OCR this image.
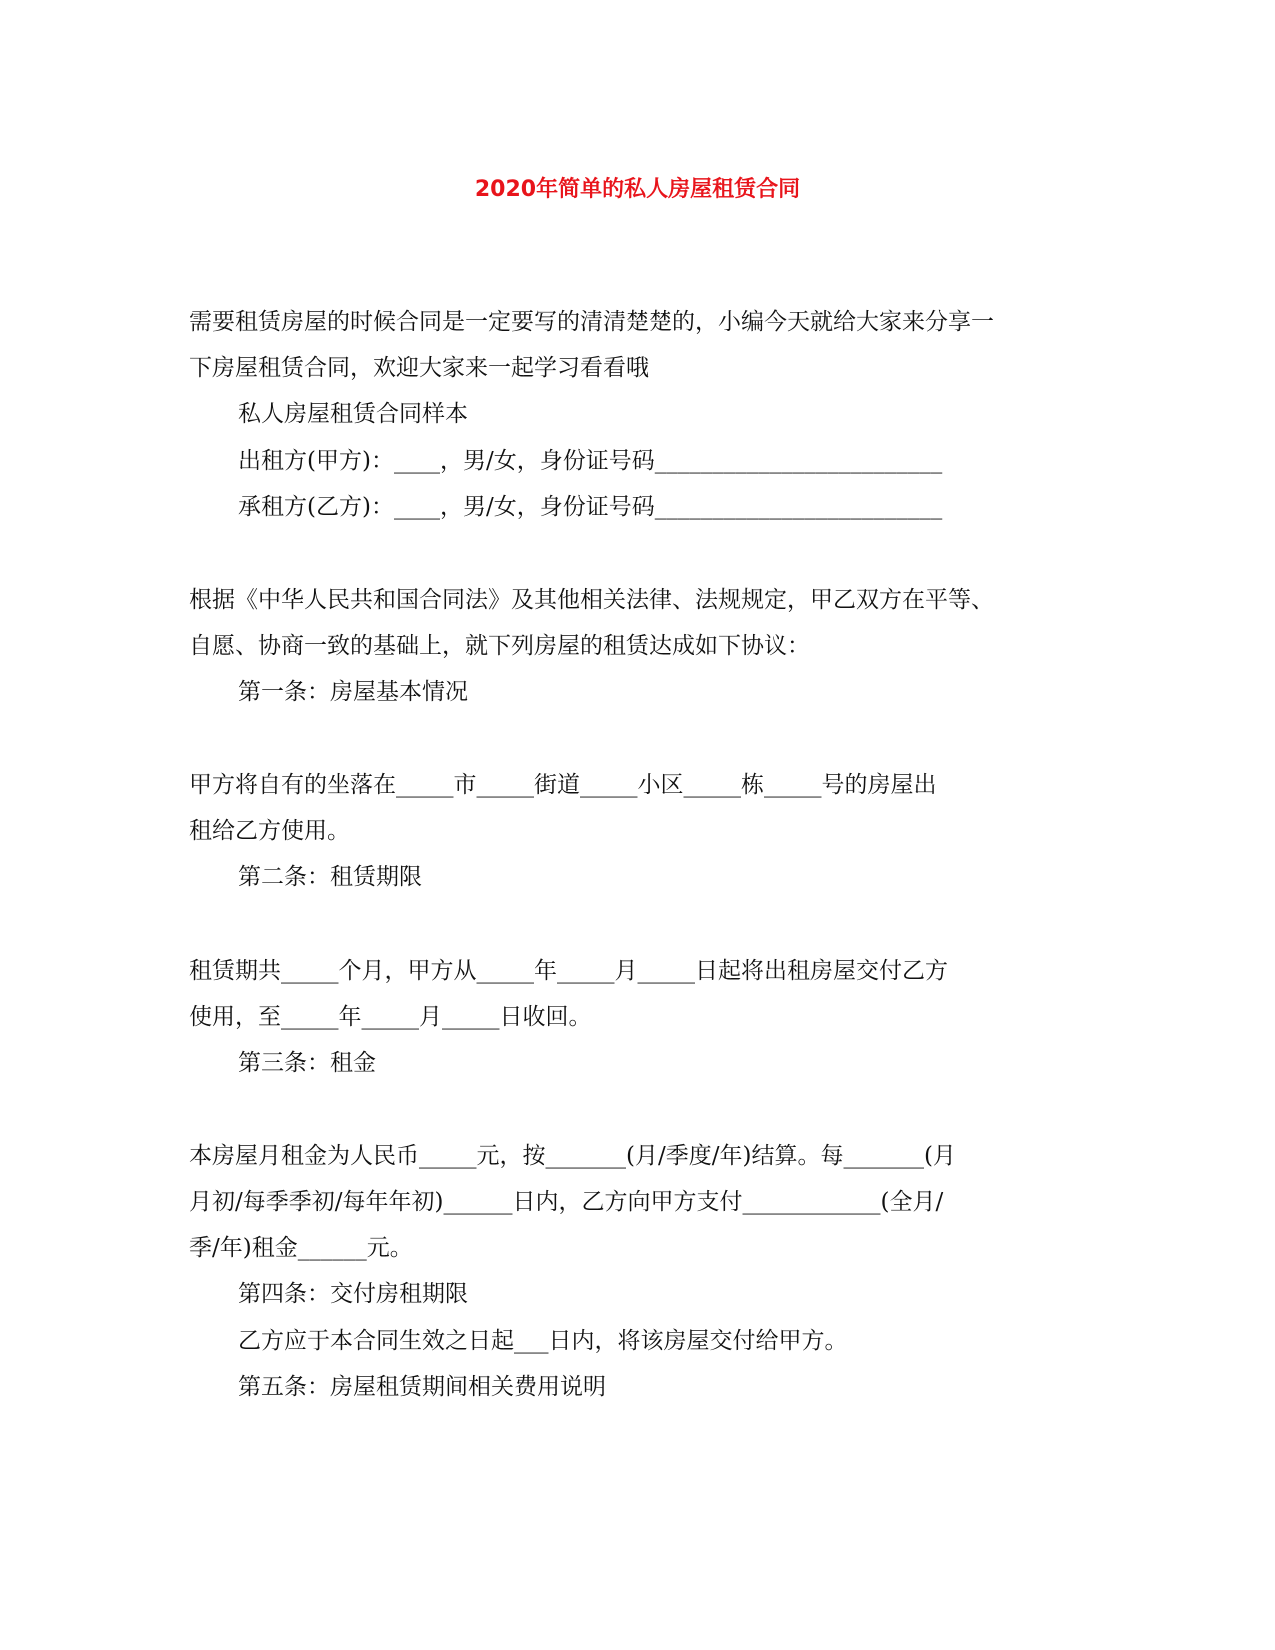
2020年简单的私人房屋租赁合同
需要租赁房屋的时候合同是一定要写的清清楚楚的，小编今天就给大家来分享一
下房屋租赁合同，欢迎大家来一起学习看看哦
私人房屋租赁合同样本
出租方(甲方)：____，男/女，身份证号码_________________________
承租方(乙方)：____，男/女，身份证号码_________________________
根据《中华人民共和国合同法》及其他相关法律、法规规定，甲乙双方在平等、
自愿、协商一致的基础上，就下列房屋的租赁达成如下协议：
第一条：房屋基本情况
甲方将自有的坐落在_____市_____街道_____小区_____栋_____号的房屋出
租给乙方使用。
第二条：租赁期限
租赁期共_____个月，甲方从_____年_____月_____日起将出租房屋交付乙方
使用，至_____年_____月_____日收回。
第三条：租金
本房屋月租金为人民币_____元，按_______(月/季度/年)结算。每_______(月
月初/每季季初/每年年初)______日内，乙方向甲方支付____________(全月/
季/年)租金______元。
第四条：交付房租期限
乙方应于本合同生效之日起___日内，将该房屋交付给甲方。
第五条：房屋租赁期间相关费用说明
